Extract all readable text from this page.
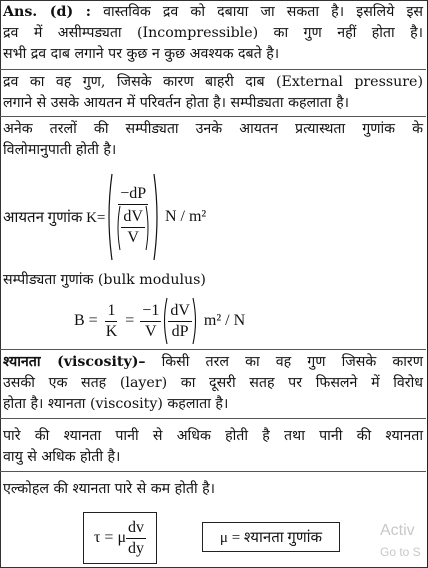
Ans. (d) : वास्तविक द्रव को दबाया जा सकता है। इसलिये इस
द्रव में असीम्पड्यता (Incompressible) का गुण नहीं होता है।
सभी द्रव दाब लगाने पर कुछ न कुछ अवश्यक दबते है।
द्रव का वह गुण, जिसके कारण बाहरी दाब (External pressure)
लगाने से उसके आयतन में परिवर्तन होता है। सम्पीड्यता कहलाता है।
अनेक तरलों की सम्पीड्यता उनके आयतन प्रत्यास्थता गुणांक के
विलोमानुपाती होती है।
आयतन गुणांक $K= \frac{-dP}{\frac{dV}{V}}$ N / m²
सम्पीड्यता गुणांक (bulk modulus)
$B = \frac{1}{K} = \frac{-1}{V} \frac{dV}{dP} m^2 / N$
श्यानता (viscosity)– किसी तरल का वह गुण जिसके कारण
उसकी एक सतह (layer) का दूसरी सतह पर फिसलने में विरोध
होता है। श्यानता (viscosity) कहलाता है।
पारे की श्यानता पानी से अधिक होती है तथा पानी की श्यानता
वायु से अधिक होती है।
एल्कोहल की श्यानता पारे से कम होती है।
τ = μ $\frac{dv}{dy}$	μ = श्यानता गुणांक	Activ
Go to S
